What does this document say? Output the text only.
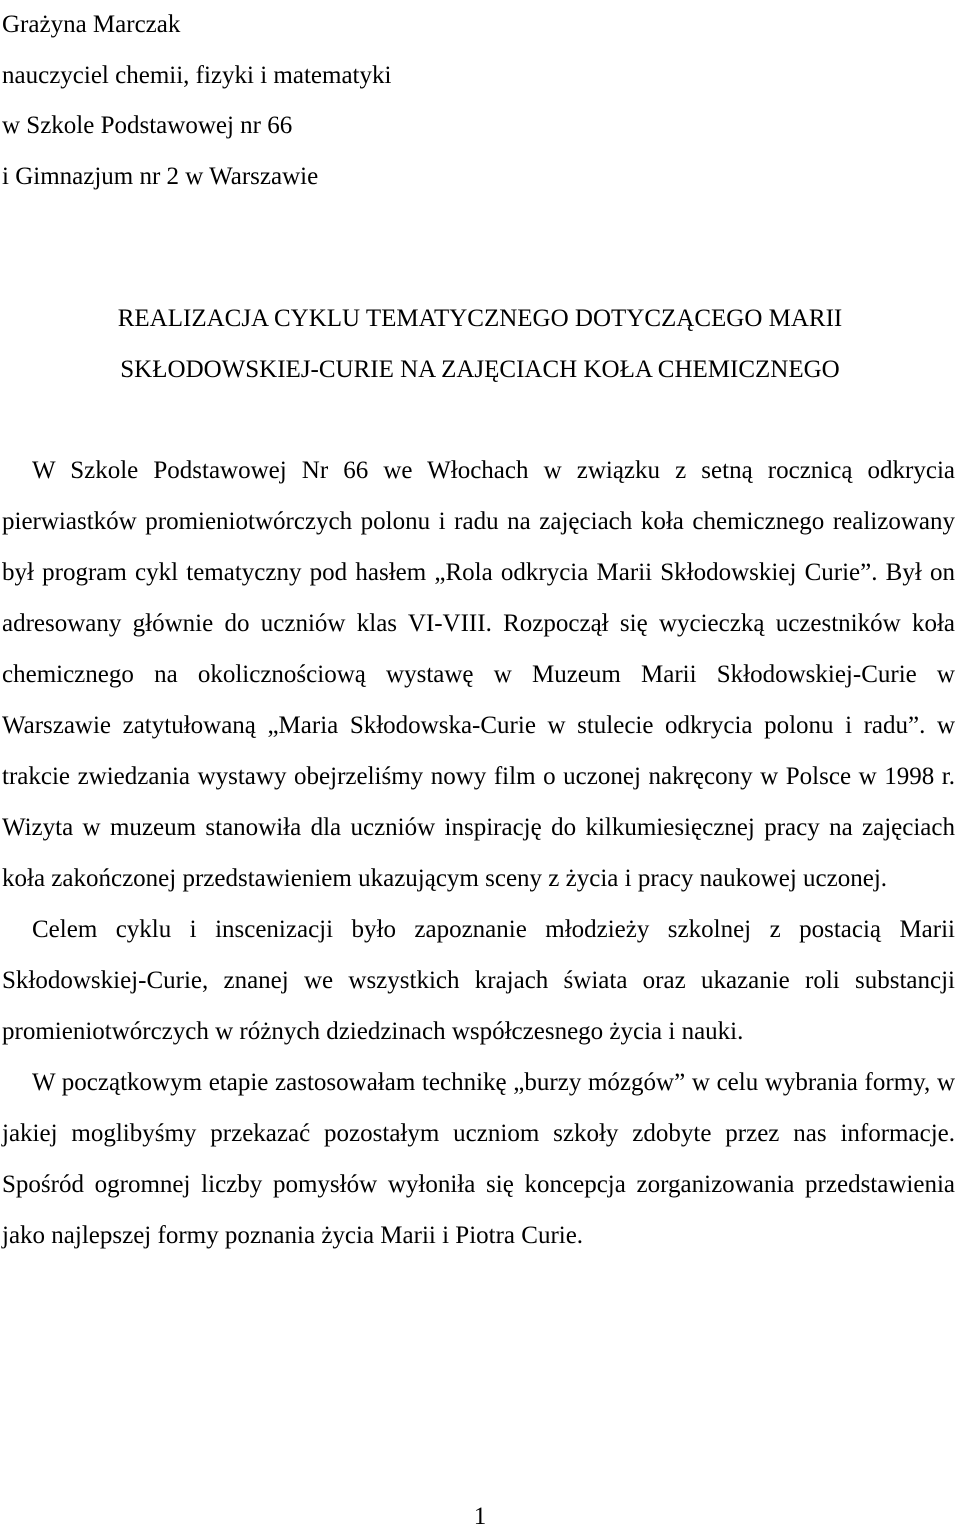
Grażyna Marczak
nauczyciel chemii, fizyki i matematyki
w Szkole Podstawowej nr 66
i Gimnazjum nr 2 w Warszawie
REALIZACJA CYKLU TEMATYCZNEGO DOTYCZĄCEGO MARII
SKŁODOWSKIEJ-CURIE NA ZAJĘCIACH KOŁA CHEMICZNEGO

W Szkole Podstawowej Nr 66 we Włochach w związku z setną rocznicą odkrycia pierwiastków promieniotwórczych polonu i radu na zajęciach koła chemicznego realizowany był program cykl tematyczny pod hasłem „Rola odkrycia Marii Skłodowskiej Curie”. Był on adresowany głównie do uczniów klas VI-VIII. Rozpoczął się wycieczką uczestników koła chemicznego na okolicznościową wystawę w Muzeum Marii Skłodowskiej-Curie w Warszawie zatytułowaną „Maria Skłodowska-Curie w stulecie odkrycia polonu i radu”. w trakcie zwiedzania wystawy obejrzeliśmy nowy film o uczonej nakręcony w Polsce w 1998 r. Wizyta w muzeum stanowiła dla uczniów inspirację do kilkumiesięcznej pracy na zajęciach koła zakończonej przedstawieniem ukazującym sceny z życia i pracy naukowej uczonej.

Celem cyklu i inscenizacji było zapoznanie młodzieży szkolnej z postacią Marii Skłodowskiej-Curie, znanej we wszystkich krajach świata oraz ukazanie roli substancji promieniotwórczych w różnych dziedzinach współczesnego życia i nauki.

W początkowym etapie zastosowałam technikę „burzy mózgów” w celu wybrania formy, w jakiej moglibyśmy przekazać pozostałym uczniom szkoły zdobyte przez nas informacje. Spośród ogromnej liczby pomysłów wyłoniła się koncepcja zorganizowania przedstawienia jako najlepszej formy poznania życia Marii i Piotra Curie.

1
